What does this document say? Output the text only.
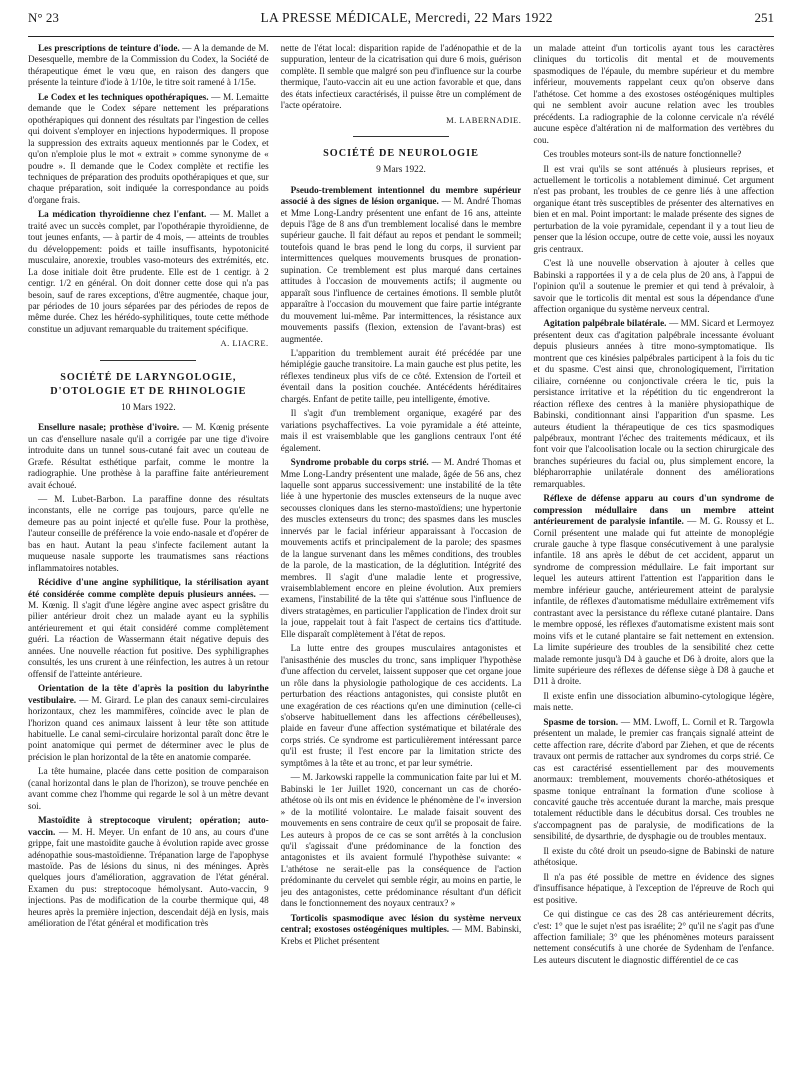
N° 23	LA PRESSE MÉDICALE, Mercredi, 22 Mars 1922	251

Les prescriptions de teinture d'iode. — A la demande de M. Desesquelle, membre de la Commission du Codex, la Société de thérapeutique émet le vœu que, en raison des dangers que présente la teinture d'iode à 1/10e, le titre soit ramené à 1/15e.

Le Codex et les techniques opothérapiques. — M. Lemaitte demande que le Codex sépare nettement les préparations opothérapiques qui donnent des résultats par l'ingestion de celles qui doivent s'employer en injections hypodermiques. Il propose la suppression des extraits aqueux mentionnés par le Codex, et qu'on n'emploie plus le mot « extrait » comme synonyme de « poudre ». Il demande que le Codex complète et rectifie les techniques de préparation des produits opothérapiques et que, sur chaque préparation, soit indiquée la correspondance au poids d'organe frais.

La médication thyroïdienne chez l'enfant. — M. Mallet a traité avec un succès complet, par l'opothérapie thyroïdienne, de tout jeunes enfants, — à partir de 4 mois, — atteints de troubles du développement: poids et taille insuffisants, hypotonicité musculaire, anorexie, troubles vaso-moteurs des extrémités, etc. La dose initiale doit être prudente. Elle est de 1 centigr. à 2 centigr. 1/2 en général. On doit donner cette dose qui n'a pas besoin, sauf de rares exceptions, d'être augmentée, chaque jour, par périodes de 10 jours séparées par des périodes de repos de même durée. Chez les hérédo-syphilitiques, toute cette méthode constitue un adjuvant remarquable du traitement spécifique.

A. LIACRE.
SOCIÉTÉ DE LARYNGOLOGIE, D'OTOLOGIE ET DE RHINOLOGIE
10 Mars 1922.

Ensellure nasale; prothèse d'ivoire. — M. Kœnig présente un cas d'ensellure nasale qu'il a corrigée par une tige d'ivoire introduite dans un tunnel sous-cutané fait avec un couteau de Græfe. Résultat esthétique parfait, comme le montre la radiographie. Une prothèse à la paraffine faite antérieurement avait échoué.

— M. Lubet-Barbon. La paraffine donne des résultats inconstants, elle ne corrige pas toujours, parce qu'elle ne demeure pas au point injecté et qu'elle fuse. Pour la prothèse, l'auteur conseille de préférence la voie endo-nasale et d'opérer de bas en haut. Autant la peau s'infecte facilement autant la muqueuse nasale supporte les traumatismes sans réactions inflammatoires notables.

Récidive d'une angine syphilitique, la stérilisation ayant été considérée comme complète depuis plusieurs années. — M. Kœnig. Il s'agit d'une légère angine avec aspect grisâtre du pilier antérieur droit chez un malade ayant eu la syphilis antérieurement et qui était considéré comme complètement guéri. La réaction de Wassermann était négative depuis des années. Une nouvelle réaction fut positive. Des syphiligraphes consultés, les uns crurent à une réinfection, les autres à un retour offensif de l'atteinte antérieure.

Orientation de la tête d'après la position du labyrinthe vestibulaire. — M. Girard. Le plan des canaux semi-circulaires horizontaux, chez les mammifères, coïncide avec le plan de l'horizon quand ces animaux laissent à leur tête son attitude habituelle. Le canal semi-circulaire horizontal paraît donc être le point anatomique qui permet de déterminer avec le plus de précision le plan horizontal de la tête en anatomie comparée.

La tête humaine, placée dans cette position de comparaison (canal horizontal dans le plan de l'horizon), se trouve penchée en avant comme chez l'homme qui regarde le sol à un mètre devant soi.

Mastoïdite à streptocoque virulent; opération; auto-vaccin. — M. H. Meyer. Un enfant de 10 ans, au cours d'une grippe, fait une mastoïdite gauche à évolution rapide avec grosse adénopathie sous-mastoïdienne. Trépanation large de l'apophyse mastoïde. Pas de lésions du sinus, ni des méninges. Après quelques jours d'amélioration, aggravation de l'état général. Examen du pus: streptocoque hémolysant. Auto-vaccin, 9 injections. Pas de modification de la courbe thermique qui, 48 heures après la première injection, descendait déjà en lysis, mais amélioration de l'état général et modification très

nette de l'état local: disparition rapide de l'adénopathie et de la suppuration, lenteur de la cicatrisation qui dure 6 mois, guérison complète. Il semble que malgré son peu d'influence sur la courbe thermique, l'auto-vaccin ait eu une action favorable et que, dans des états infectieux caractérisés, il puisse être un complément de l'acte opératoire.

M. LABERNADIE.
SOCIÉTÉ DE NEUROLOGIE
9 Mars 1922.

Pseudo-tremblement intentionnel du membre supérieur associé à des signes de lésion organique. — M. André Thomas et Mme Long-Landry présentent une enfant de 16 ans, atteinte depuis l'âge de 8 ans d'un tremblement localisé dans le membre supérieur gauche. Il fait défaut au repos et pendant le sommeil; toutefois quand le bras pend le long du corps, il survient par intermittences quelques mouvements brusques de pronation-supination. Ce tremblement est plus marqué dans certaines attitudes à l'occasion de mouvements actifs; il augmente ou apparaît sous l'influence de certaines émotions. Il semble plutôt apparaître à l'occasion du mouvement que faire partie intégrante du mouvement lui-même. Par intermittences, la résistance aux mouvements passifs (flexion, extension de l'avant-bras) est augmentée.

L'apparition du tremblement aurait été précédée par une hémiplégie gauche transitoire. La main gauche est plus petite, les réflexes tendineux plus vifs de ce côté. Extension de l'orteil et éventail dans la position couchée. Antécédents héréditaires chargés. Enfant de petite taille, peu intelligente, émotive.

Il s'agit d'un tremblement organique, exagéré par des variations psychaffectives. La voie pyramidale a été atteinte, mais il est vraisemblable que les ganglions centraux l'ont été également.

Syndrome probable du corps strié. — M. André Thomas et Mme Long-Landry présentent une malade, âgée de 56 ans, chez laquelle sont apparus successivement: une instabilité de la tête liée à une hypertonie des muscles extenseurs de la nuque avec secousses cloniques dans les sterno-mastoïdiens; une hypertonie des muscles extenseurs du tronc; des spasmes dans les muscles innervés par le facial inférieur apparaissant à l'occasion de mouvements actifs et principalement de la parole; des spasmes de la langue survenant dans les mêmes conditions, des troubles de la parole, de la mastication, de la déglutition. Intégrité des membres. Il s'agit d'une maladie lente et progressive, vraisemblablement encore en pleine évolution. Aux premiers examens, l'instabilité de la tête qui s'atténue sous l'influence de divers stratagèmes, en particulier l'application de l'index droit sur la joue, rappelait tout à fait l'aspect de certains tics d'attitude. Elle disparaît complètement à l'état de repos.

La lutte entre des groupes musculaires antagonistes et l'anisasthénie des muscles du tronc, sans impliquer l'hypothèse d'une affection du cervelet, laissent supposer que cet organe joue un rôle dans la physiologie pathologique de ces accidents. La perturbation des réactions antagonistes, qui consiste plutôt en une exagération de ces réactions qu'en une diminution (celle-ci s'observe habituellement dans les affections cérébelleuses), plaide en faveur d'une affection systématique et bilatérale des corps striés. Ce syndrome est particulièrement intéressant parce qu'il est fruste; il l'est encore par la limitation stricte des symptômes à la tête et au tronc, et par leur symétrie.

— M. Jarkowski rappelle la communication faite par lui et M. Babinski le 1er Juillet 1920, concernant un cas de choréo-athétose où ils ont mis en évidence le phénomène de l'« inversion » de la motilité volontaire. Le malade faisait souvent des mouvements en sens contraire de ceux qu'il se proposait de faire. Les auteurs à propos de ce cas se sont arrêtés à la conclusion qu'il s'agissait d'une prédominance de la fonction des antagonistes et ils avaient formulé l'hypothèse suivante: « L'athétose ne serait-elle pas la conséquence de l'action prédominante du cervelet qui semble régir, au moins en partie, le jeu des antagonistes, cette prédominance résultant d'un déficit dans le fonctionnement des noyaux centraux? »

Torticolis spasmodique avec lésion du système nerveux central; exostoses ostéogéniques multiples. — MM. Babinski, Krebs et Plichet présentent

un malade atteint d'un torticolis ayant tous les caractères cliniques du torticolis dit mental et de mouvements spasmodiques de l'épaule, du membre supérieur et du membre inférieur, mouvements rappelant ceux qu'on observe dans l'athétose. Cet homme a des exostoses ostéogéniques multiples qui ne semblent avoir aucune relation avec les troubles précédents. La radiographie de la colonne cervicale n'a révélé aucune espèce d'altération ni de malformation des vertèbres du cou.

Ces troubles moteurs sont-ils de nature fonctionnelle?

Il est vrai qu'ils se sont atténués à plusieurs reprises, et actuellement le torticolis a notablement diminué. Cet argument n'est pas probant, les troubles de ce genre liés à une affection organique étant très susceptibles de présenter des alternatives en bien et en mal. Point important: le malade présente des signes de perturbation de la voie pyramidale, cependant il y a tout lieu de penser que la lésion occupe, outre de cette voie, aussi les noyaux gris centraux.

C'est là une nouvelle observation à ajouter à celles que Babinski a rapportées il y a de cela plus de 20 ans, à l'appui de l'opinion qu'il a soutenue le premier et qui tend à prévaloir, à savoir que le torticolis dit mental est sous la dépendance d'une affection organique du système nerveux central.

Agitation palpébrale bilatérale. — MM. Sicard et Lermoyez présentent deux cas d'agitation palpébrale incessante évoluant depuis plusieurs années à titre mono-symptomatique. Ils montrent que ces kinésies palpébrales participent à la fois du tic et du spasme. C'est ainsi que, chronologiquement, l'irritation ciliaire, cornéenne ou conjonctivale créera le tic, puis la persistance irritative et la répétition du tic engendreront la réaction réflexe des centres à la manière physiopathique de Babinski, conditionnant ainsi l'apparition d'un spasme. Les auteurs étudient la thérapeutique de ces tics spasmodiques palpébraux, montrant l'échec des traitements médicaux, et ils font voir que l'alcoolisation locale ou la section chirurgicale des branches supérieures du facial ou, plus simplement encore, la blépharorraphie unilatérale donnent des améliorations remarquables.

Réflexe de défense apparu au cours d'un syndrome de compression médullaire dans un membre atteint antérieurement de paralysie infantile. — M. G. Roussy et L. Cornil présentent une malade qui fut atteinte de monoplégie crurale gauche à type flasque consécutivement à une paralysie infantile. 18 ans après le début de cet accident, apparut un syndrome de compression médullaire. Le fait important sur lequel les auteurs attirent l'attention est l'apparition dans le membre inférieur gauche, antérieurement atteint de paralysie infantile, de réflexes d'automatisme médullaire extrêmement vifs contrastant avec la persistance du réflexe cutané plantaire. Dans le membre opposé, les réflexes d'automatisme existent mais sont moins vifs et le cutané plantaire se fait nettement en extension. La limite supérieure des troubles de la sensibilité chez cette malade remonte jusqu'à D4 à gauche et D6 à droite, alors que la limite supérieure des réflexes de défense siège à D8 à gauche et D11 à droite.

Il existe enfin une dissociation albumino-cytologique légère, mais nette.

Spasme de torsion. — MM. Lwoff, L. Cornil et R. Targowla présentent un malade, le premier cas français signalé atteint de cette affection rare, décrite d'abord par Ziehen, et que de récents travaux ont permis de rattacher aux syndromes du corps strié. Ce cas est caractérisé essentiellement par des mouvements anormaux: tremblement, mouvements choréo-athétosiques et spasme tonique entraînant la formation d'une scoliose à concavité gauche très accentuée durant la marche, mais presque totalement réductible dans le décubitus dorsal. Ces troubles ne s'accompagnent pas de paralysie, de modifications de la sensibilité, de dysarthrie, de dysphagie ou de troubles mentaux.

Il existe du côté droit un pseudo-signe de Babinski de nature athétosique.

Il n'a pas été possible de mettre en évidence des signes d'insuffisance hépatique, à l'exception de l'épreuve de Roch qui est positive.

Ce qui distingue ce cas des 28 cas antérieurement décrits, c'est: 1° que le sujet n'est pas israélite; 2° qu'il ne s'agit pas d'une affection familiale; 3° que les phénomènes moteurs paraissent nettement consécutifs à une chorée de Sydenham de l'enfance. Les auteurs discutent le diagnostic différentiel de ce cas
